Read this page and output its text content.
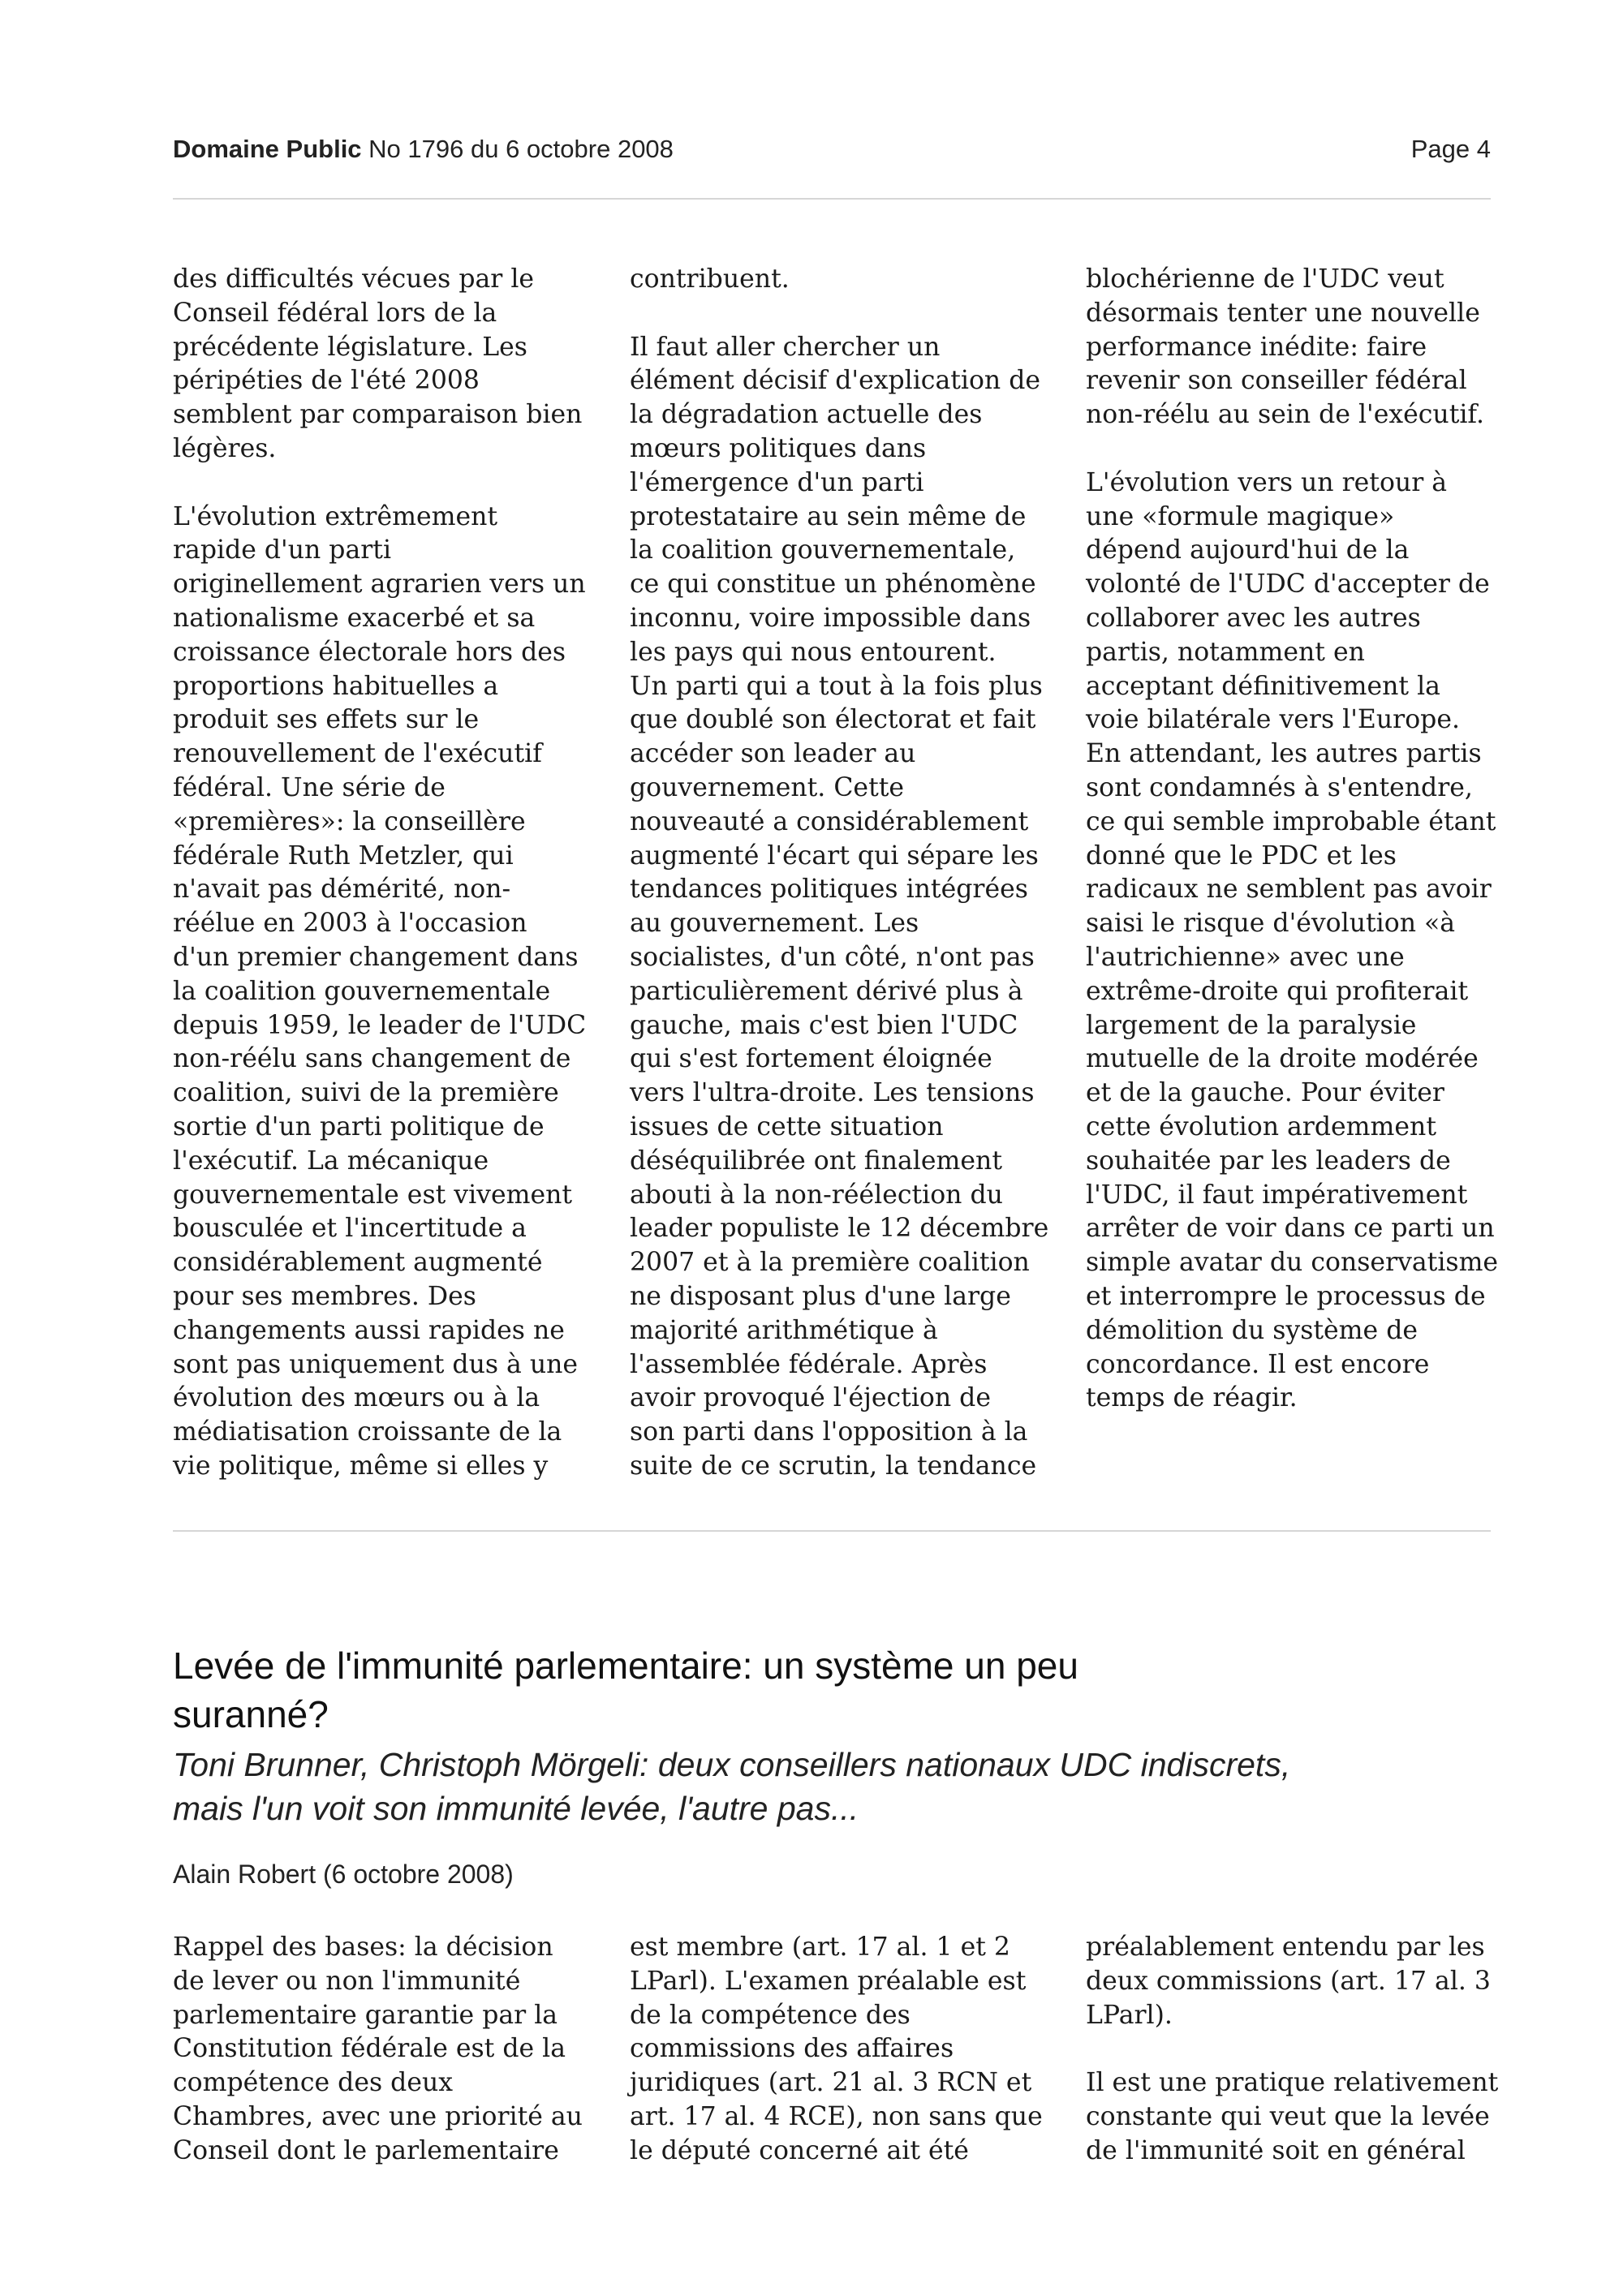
Domaine Public No 1796 du 6 octobre 2008	Page 4

des difficultés vécues par le
Conseil fédéral lors de la
précédente législature. Les
péripéties de l'été 2008
semblent par comparaison bien
légères.

L'évolution extrêmement
rapide d'un parti
originellement agrarien vers un
nationalisme exacerbé et sa
croissance électorale hors des
proportions habituelles a
produit ses effets sur le
renouvellement de l'exécutif
fédéral. Une série de
«premières»: la conseillère
fédérale Ruth Metzler, qui
n'avait pas démérité, non-
réélue en 2003 à l'occasion
d'un premier changement dans
la coalition gouvernementale
depuis 1959, le leader de l'UDC
non-réélu sans changement de
coalition, suivi de la première
sortie d'un parti politique de
l'exécutif. La mécanique
gouvernementale est vivement
bousculée et l'incertitude a
considérablement augmenté
pour ses membres. Des
changements aussi rapides ne
sont pas uniquement dus à une
évolution des mœurs ou à la
médiatisation croissante de la
vie politique, même si elles y

contribuent.

Il faut aller chercher un
élément décisif d'explication de
la dégradation actuelle des
mœurs politiques dans
l'émergence d'un parti
protestataire au sein même de
la coalition gouvernementale,
ce qui constitue un phénomène
inconnu, voire impossible dans
les pays qui nous entourent.
Un parti qui a tout à la fois plus
que doublé son électorat et fait
accéder son leader au
gouvernement. Cette
nouveauté a considérablement
augmenté l'écart qui sépare les
tendances politiques intégrées
au gouvernement. Les
socialistes, d'un côté, n'ont pas
particulièrement dérivé plus à
gauche, mais c'est bien l'UDC
qui s'est fortement éloignée
vers l'ultra-droite. Les tensions
issues de cette situation
déséquilibrée ont finalement
abouti à la non-réélection du
leader populiste le 12 décembre
2007 et à la première coalition
ne disposant plus d'une large
majorité arithmétique à
l'assemblée fédérale. Après
avoir provoqué l'éjection de
son parti dans l'opposition à la
suite de ce scrutin, la tendance

blochérienne de l'UDC veut
désormais tenter une nouvelle
performance inédite: faire
revenir son conseiller fédéral
non-réélu au sein de l'exécutif.

L'évolution vers un retour à
une «formule magique»
dépend aujourd'hui de la
volonté de l'UDC d'accepter de
collaborer avec les autres
partis, notamment en
acceptant définitivement la
voie bilatérale vers l'Europe.
En attendant, les autres partis
sont condamnés à s'entendre,
ce qui semble improbable étant
donné que le PDC et les
radicaux ne semblent pas avoir
saisi le risque d'évolution «à
l'autrichienne» avec une
extrême-droite qui profiterait
largement de la paralysie
mutuelle de la droite modérée
et de la gauche. Pour éviter
cette évolution ardemment
souhaitée par les leaders de
l'UDC, il faut impérativement
arrêter de voir dans ce parti un
simple avatar du conservatisme
et interrompre le processus de
démolition du système de
concordance. Il est encore
temps de réagir.

Levée de l'immunité parlementaire: un système un peu
suranné?

Toni Brunner, Christoph Mörgeli: deux conseillers nationaux UDC indiscrets,
mais l'un voit son immunité levée, l'autre pas...

Alain Robert (6 octobre 2008)

Rappel des bases: la décision
de lever ou non l'immunité
parlementaire garantie par la
Constitution fédérale est de la
compétence des deux
Chambres, avec une priorité au
Conseil dont le parlementaire

est membre (art. 17 al. 1 et 2
LParl). L'examen préalable est
de la compétence des
commissions des affaires
juridiques (art. 21 al. 3 RCN et
art. 17 al. 4 RCE), non sans que
le député concerné ait été

préalablement entendu par les
deux commissions (art. 17 al. 3
LParl).

Il est une pratique relativement
constante qui veut que la levée
de l'immunité soit en général
